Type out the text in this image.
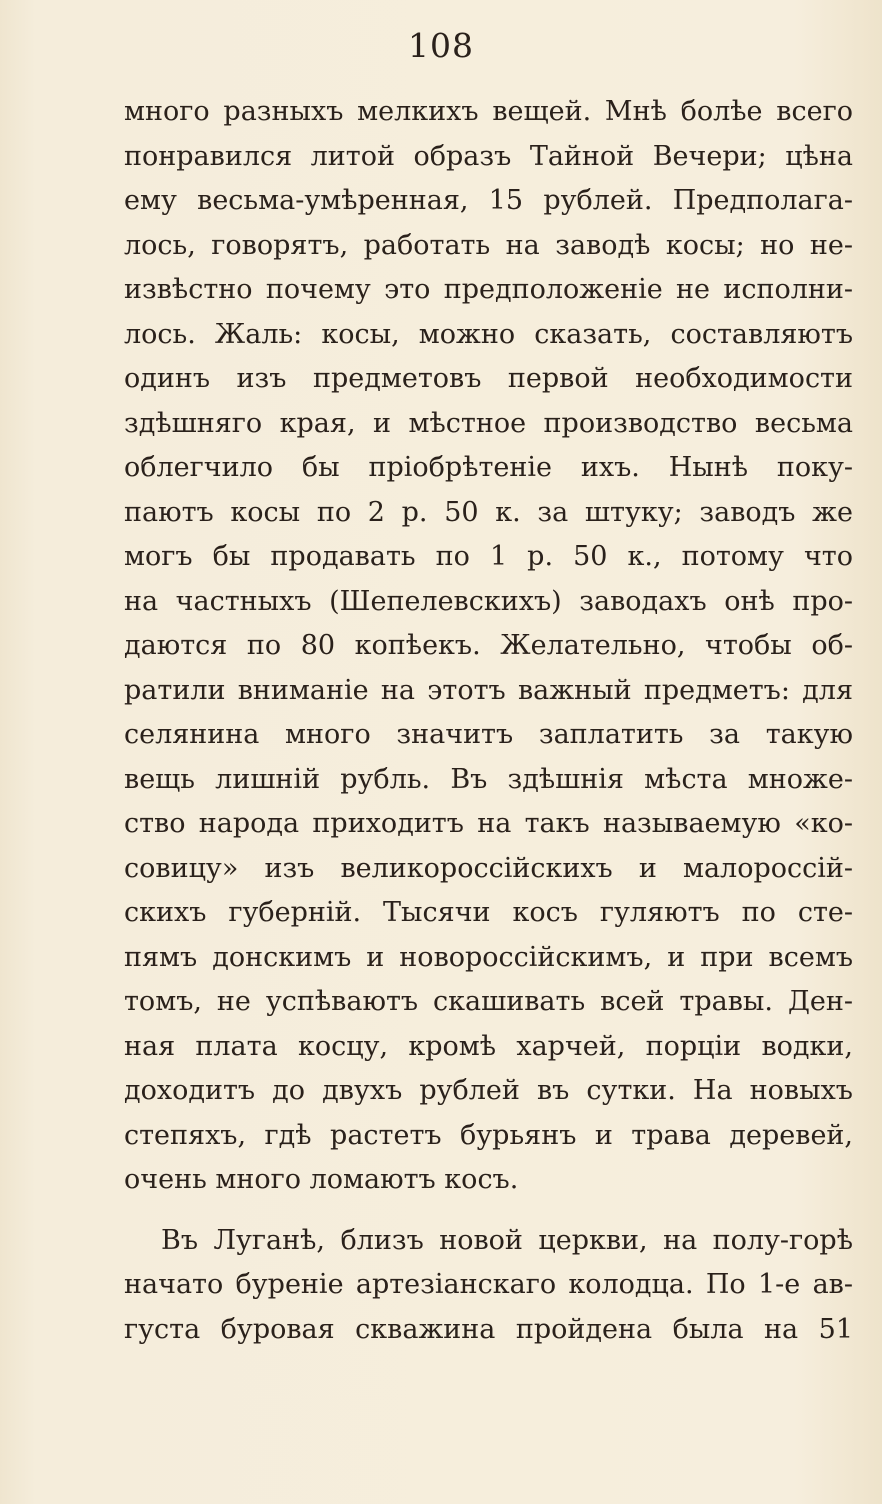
108
много разныхъ мелкихъ вещей. Мнѣ болѣе всего
понравился литой образъ Тайной Вечери; цѣна
ему весьма-умѣренная, 15 рублей. Предполага-
лось, говорятъ, работать на заводѣ косы; но не-
извѣстно почему это предположеніе не исполни-
лось. Жаль: косы, можно сказать, составляютъ
одинъ изъ предметовъ первой необходимости
здѣшняго края, и мѣстное производство весьма
облегчило бы пріобрѣтеніе ихъ. Нынѣ поку-
паютъ косы по 2 р. 50 к. за штуку; заводъ же
могъ бы продавать по 1 р. 50 к., потому что
на частныхъ (Шепелевскихъ) заводахъ онѣ про-
даются по 80 копѣекъ. Желательно, чтобы об-
ратили вниманіе на этотъ важный предметъ: для
селянина много значитъ заплатить за такую
вещь лишній рубль. Въ здѣшнія мѣста множе-
ство народа приходитъ на такъ называемую «ко-
совицу» изъ великороссійскихъ и малороссій-
скихъ губерній. Тысячи косъ гуляютъ по сте-
пямъ донскимъ и новороссійскимъ, и при всемъ
томъ, не успѣваютъ скашивать всей травы. Ден-
ная плата косцу, кромѣ харчей, порціи водки,
доходитъ до двухъ рублей въ сутки. На новыхъ
степяхъ, гдѣ растетъ бурьянъ и трава деревей,
очень много ломаютъ косъ.
Въ Луганѣ, близъ новой церкви, на полу-горѣ
начато буреніе артезіанскаго колодца. По 1-е ав-
густа буровая скважина пройдена была на 51
